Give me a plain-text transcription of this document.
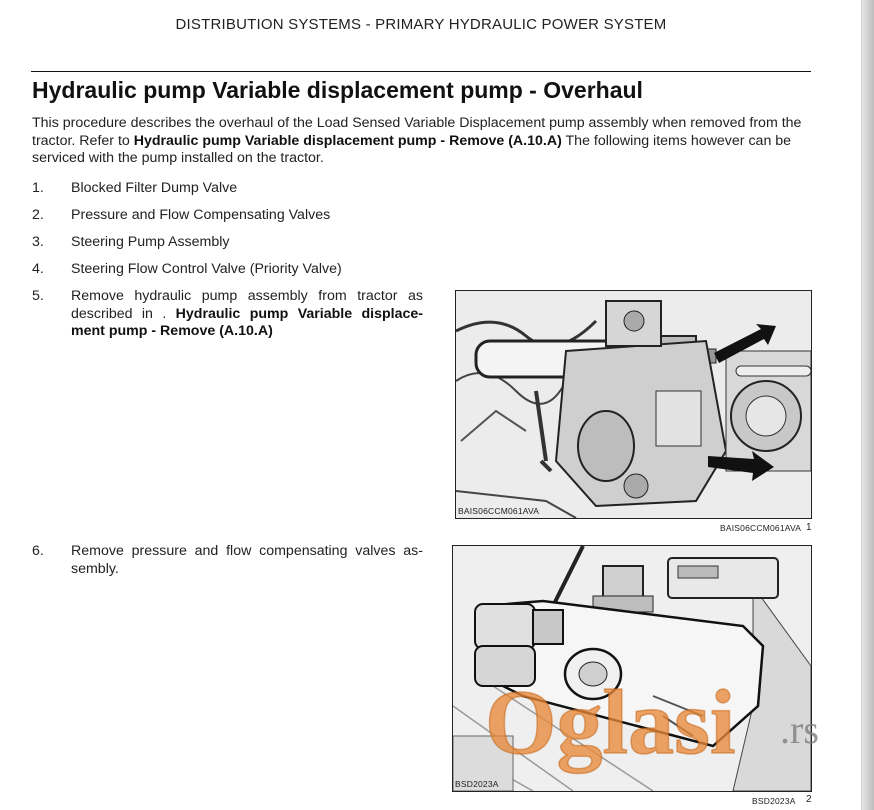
DISTRIBUTION SYSTEMS - PRIMARY HYDRAULIC POWER SYSTEM
Hydraulic pump Variable displacement pump - Overhaul

This procedure describes the overhaul of the Load Sensed Variable Displacement pump assembly when removed from the tractor. Refer to Hydraulic pump Variable displacement pump - Remove (A.10.A) The following items however can be serviced with the pump installed on the tractor.

1.	Blocked Filter Dump Valve
2.	Pressure and Flow Compensating Valves
3.	Steering Pump Assembly
4.	Steering Flow Control Valve (Priority Valve)
5.	Remove hydraulic pump assembly from tractor as described in . Hydraulic pump Variable displace-ment pump - Remove (A.10.A)
6.	Remove pressure and flow compensating valves as-sembly.
BAIS06CCM061AVA
BAIS06CCM061AVA 1
BSD2023A
BSD2023A 2
Oglasi .rs
